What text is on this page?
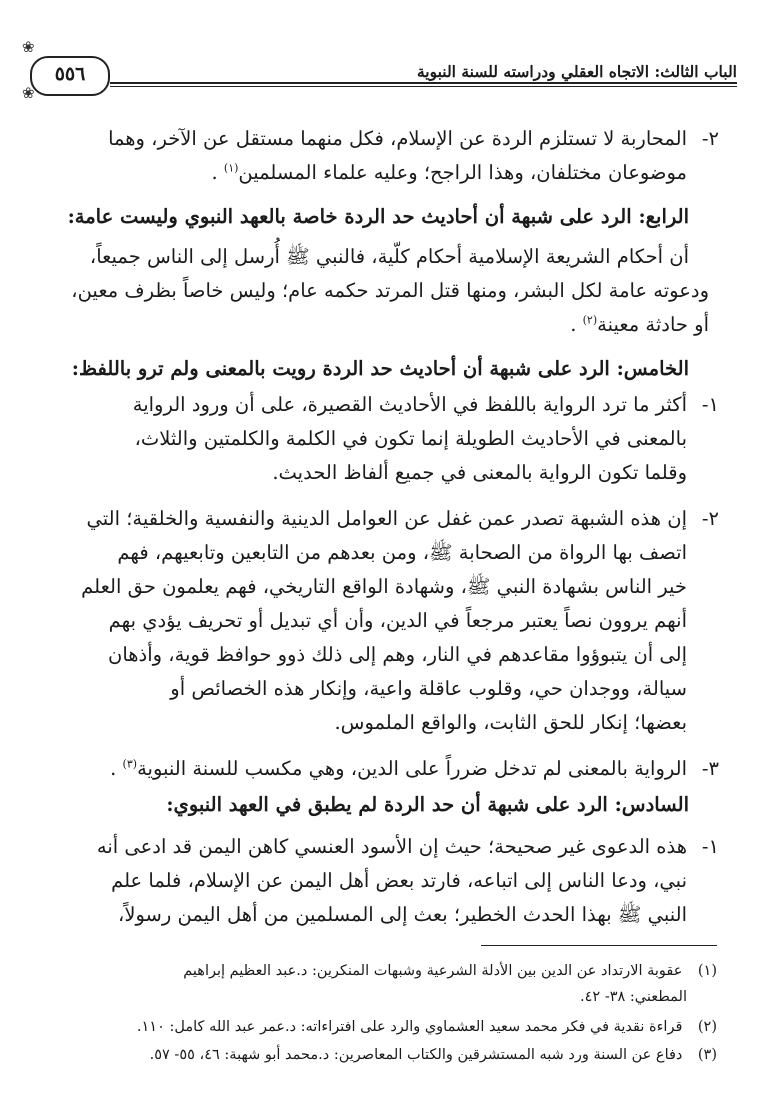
❀
❀
٥٥٦	الباب الثالث: الاتجاه العقلي ودراسته للسنة النبوية
٢-
المحاربة لا تستلزم الردة عن الإسلام، فكل منهما مستقل عن الآخر، وهما
موضوعان مختلفان، وهذا الراجح؛ وعليه علماء المسلمين$^{(١)}$ .
الرابع: الرد على شبهة أن أحاديث حد الردة خاصة بالعهد النبوي وليست عامة:
أن أحكام الشريعة الإسلامية أحكام كلّية، فالنبي ﷺ أُرسل إلى الناس جميعاً،
ودعوته عامة لكل البشر، ومنها قتل المرتد حكمه عام؛ وليس خاصاً بظرف معين،
أو حادثة معينة$^{(٢)}$ .
الخامس: الرد على شبهة أن أحاديث حد الردة رويت بالمعنى ولم ترو باللفظ:
١-
أكثر ما ترد الرواية باللفظ في الأحاديث القصيرة، على أن ورود الرواية
بالمعنى في الأحاديث الطويلة إنما تكون في الكلمة والكلمتين والثلاث،
وقلما تكون الرواية بالمعنى في جميع ألفاظ الحديث.
٢-
إن هذه الشبهة تصدر عمن غفل عن العوامل الدينية والنفسية والخلقية؛ التي
اتصف بها الرواة من الصحابة ﷺ، ومن بعدهم من التابعين وتابعيهم، فهم
خير الناس بشهادة النبي ﷺ، وشهادة الواقع التاريخي، فهم يعلمون حق العلم
أنهم يروون نصاً يعتبر مرجعاً في الدين، وأن أي تبديل أو تحريف يؤدي بهم
إلى أن يتبوؤوا مقاعدهم في النار، وهم إلى ذلك ذوو حوافظ قوية، وأذهان
سيالة، ووجدان حي، وقلوب عاقلة واعية، وإنكار هذه الخصائص أو
بعضها؛ إنكار للحق الثابت، والواقع الملموس.
٣-
الرواية بالمعنى لم تدخل ضرراً على الدين، وهي مكسب للسنة النبوية$^{(٣)}$ .
السادس: الرد على شبهة أن حد الردة لم يطبق في العهد النبوي:
١-
هذه الدعوى غير صحيحة؛ حيث إن الأسود العنسي كاهن اليمن قد ادعى أنه
نبي، ودعا الناس إلى اتباعه، فارتد بعض أهل اليمن عن الإسلام، فلما علم
النبي ﷺ بهذا الحدث الخطير؛ بعث إلى المسلمين من أهل اليمن رسولاً،
(١) عقوبة الارتداد عن الدين بين الأدلة الشرعية وشبهات المنكرين: د.عبد العظيم إبراهيم
المطعني: ٣٨- ٤٢.
(٢) قراءة نقدية في فكر محمد سعيد العشماوي والرد على افتراءاته: د.عمر عبد الله كامل: ١١٠.
(٣) دفاع عن السنة ورد شبه المستشرقين والكتاب المعاصرين: د.محمد أبو شهبة: ٤٦، ٥٥- ٥٧.
